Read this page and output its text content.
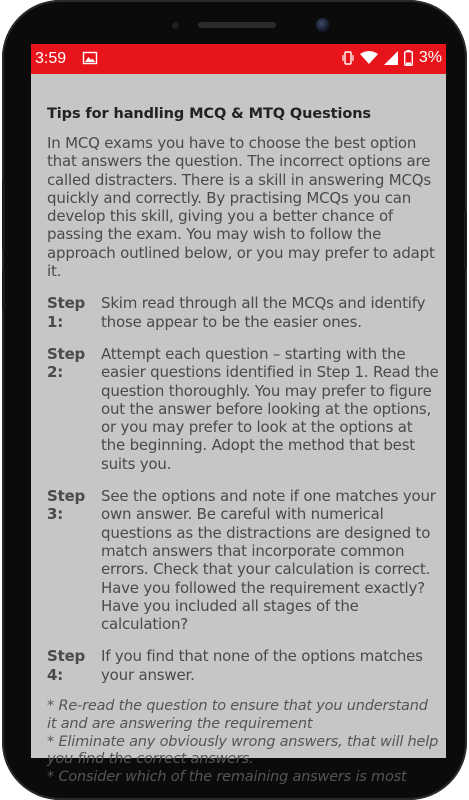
3:59	3%
Tips for handling MCQ & MTQ Questions

In MCQ exams you have to choose the best option that answers the question. The incorrect options are called distracters. There is a skill in answering MCQs quickly and correctly. By practising MCQs you can develop this skill, giving you a better chance of passing the exam. You may wish to follow the approach outlined below, or you may prefer to adapt it.

Step 1:
Skim read through all the MCQs and identify those appear to be the easier ones.
Step 2:
Attempt each question – starting with the easier questions identified in Step 1. Read the question thoroughly. You may prefer to figure out the answer before looking at the options, or you may prefer to look at the options at the beginning. Adopt the method that best suits you.
Step 3:
See the options and note if one matches your own answer. Be careful with numerical questions as the distractions are designed to match answers that incorporate common errors. Check that your calculation is correct. Have you followed the requirement exactly? Have you included all stages of the calculation?
Step 4:
If you find that none of the options matches your answer.

* Re-read the question to ensure that you understand it and are answering the requirement

* Eliminate any obviously wrong answers, that will help you find the correct answers.

* Consider which of the remaining answers is most
